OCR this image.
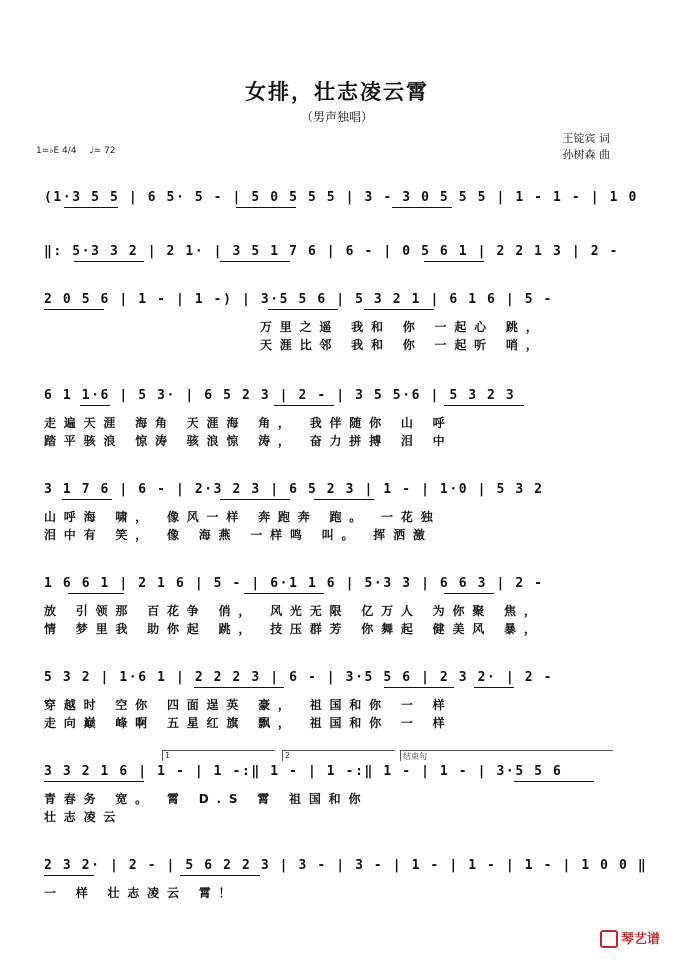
女排，壮志凌云霄
（男声独唱）
王锭宾 词
孙树森 曲
1=♭E 4/4 ♩= 72
(1·3 5 5 | 6 5· 5 - | 5 0 5 5 5 | 3 - 3 0 5 5 5 | 1 - 1 - | 1 0
‖: 5·3 3 2 | 2 1· | 3 5 1 7 6 | 6 - | 0 5 6 1 | 2 2 1 3 | 2 -
2 0 5 6 | 1 - | 1 -) | 3·5 5 6 | 5 3 2 1 | 6 1 6 | 5 -
万里之遥 我和 你 一起心 跳，
天涯比邻 我和 你 一起听 哨，
6 1 1·6 | 5 3· | 6 5 2 3 | 2 - | 3 5 5·6 | 5 3 2 3
走遍天涯 海角 天涯海 角， 我伴随你 山 呼
踏平骇浪 惊涛 骇浪惊 涛， 奋力拼搏 泪 中
3 1 7 6 | 6 - | 2·3 2 3 | 6 5 2 3 | 1 - | 1·0 | 5 3 2
山呼海 啸， 像风一样 奔跑奔 跑。 一花独
泪中有 笑， 像 海燕 一样鸣 叫。 挥洒激
1 6 6 1 | 2 1 6 | 5 - | 6·1 1 6 | 5·3 3 | 6 6 3 | 2 -
放 引领那 百花争 俏， 风光无限 亿万人 为你聚 焦，
情 梦里我 助你起 跳， 技压群芳 你舞起 健美风 暴，
5 3 2 | 1·6 1 | 2 2 2 3 | 6 - | 3·5 5 6 | 2 3 2· | 2 -
穿越时 空你 四面逞英 豪， 祖国和你 一 样
走向巅 峰啊 五星红旗 飘， 祖国和你 一 样
1	2	结束句
3 3 2 1 6 | 1 - | 1 -:‖ 1 - | 1 -:‖ 1 - | 1 - | 3·5 5 6
青春务 宽。 霄 D.S 霄 祖国和你
壮志凌云
2 3 2· | 2 - | 5 6 2 2 3 | 3 - | 3 - | 1 - | 1 - | 1 - | 1 0 0 ‖
一 样 壮志凌云 霄！
琴艺谱
